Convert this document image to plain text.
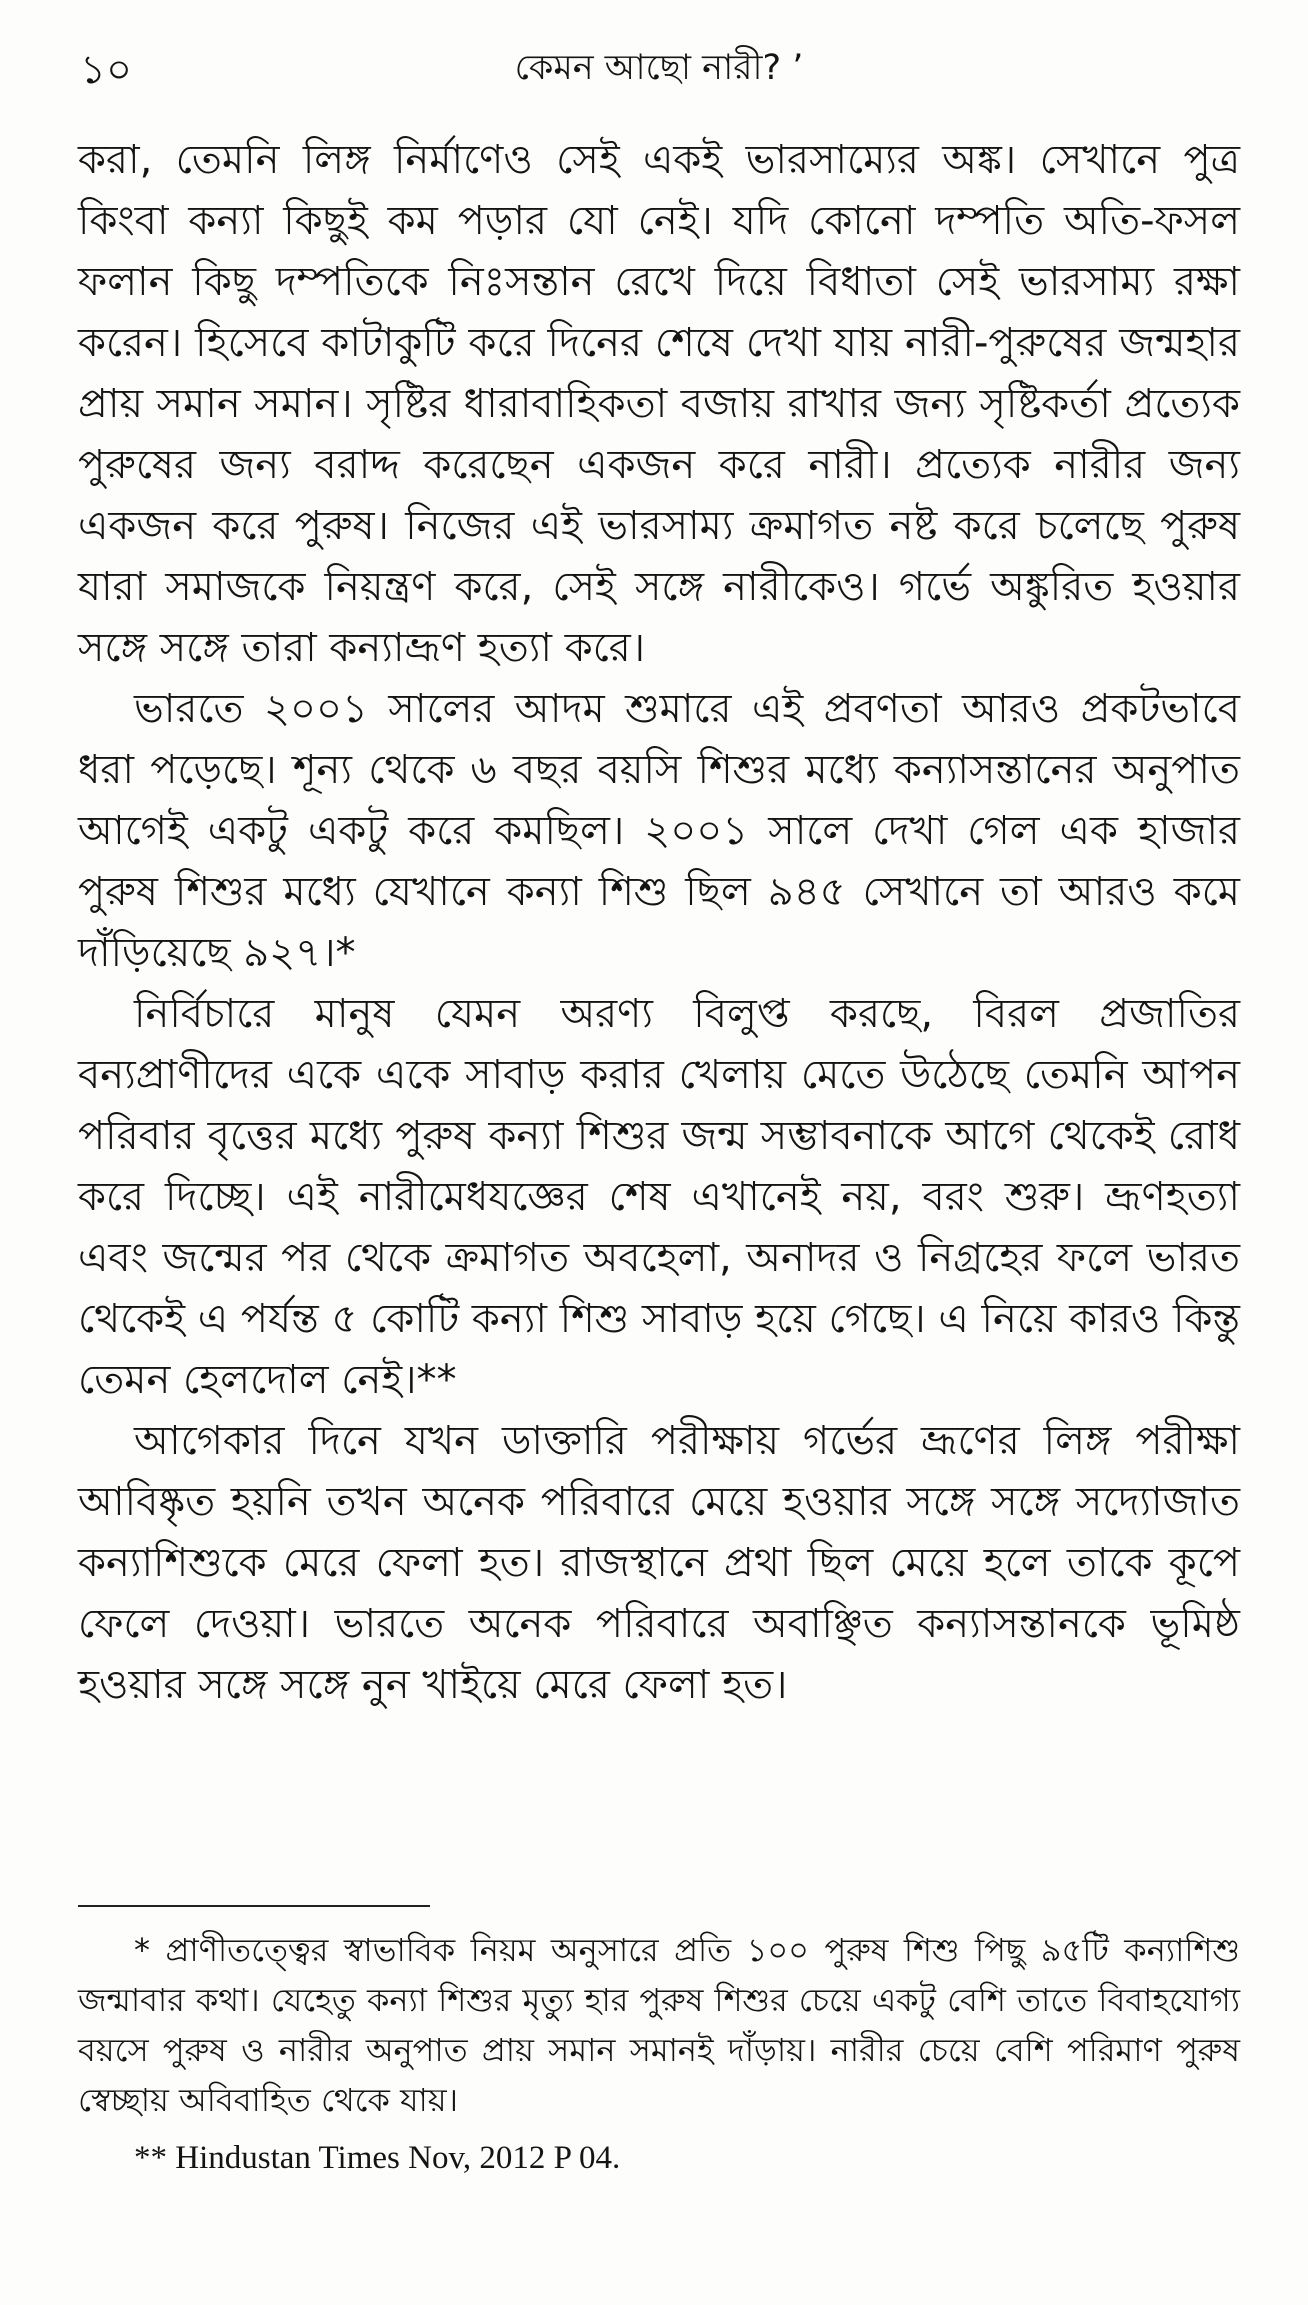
১০	কেমন আছো নারী? ’

করা, তেমনি লিঙ্গ নির্মাণেও সেই একই ভারসাম্যের অঙ্ক। সেখানে পুত্র কিংবা কন্যা কিছুই কম পড়ার যো নেই। যদি কোনো দম্পতি অতি-ফসল ফলান কিছু দম্পতিকে নিঃসন্তান রেখে দিয়ে বিধাতা সেই ভারসাম্য রক্ষা করেন। হিসেবে কাটাকুটি করে দিনের শেষে দেখা যায় নারী-পুরুষের জন্মহার প্রায় সমান সমান। সৃষ্টির ধারাবাহিকতা বজায় রাখার জন্য সৃষ্টিকর্তা প্রত্যেক পুরুষের জন্য বরাদ্দ করেছেন একজন করে নারী। প্রত্যেক নারীর জন্য একজন করে পুরুষ। নিজের এই ভারসাম্য ক্রমাগত নষ্ট করে চলেছে পুরুষ যারা সমাজকে নিয়ন্ত্রণ করে, সেই সঙ্গে নারীকেও। গর্ভে অঙ্কুরিত হওয়ার সঙ্গে সঙ্গে তারা কন্যাভ্রূণ হত্যা করে।

ভারতে ২০০১ সালের আদম শুমারে এই প্রবণতা আরও প্রকটভাবে ধরা পড়েছে। শূন্য থেকে ৬ বছর বয়সি শিশুর মধ্যে কন্যাসন্তানের অনুপাত আগেই একটু একটু করে কমছিল। ২০০১ সালে দেখা গেল এক হাজার পুরুষ শিশুর মধ্যে যেখানে কন্যা শিশু ছিল ৯৪৫ সেখানে তা আরও কমে দাঁড়িয়েছে ৯২৭।*

নির্বিচারে মানুষ যেমন অরণ্য বিলুপ্ত করছে, বিরল প্রজাতির বন্যপ্রাণীদের একে একে সাবাড় করার খেলায় মেতে উঠেছে তেমনি আপন পরিবার বৃত্তের মধ্যে পুরুষ কন্যা শিশুর জন্ম সম্ভাবনাকে আগে থেকেই রোধ করে দিচ্ছে। এই নারীমেধযজ্ঞের শেষ এখানেই নয়, বরং শুরু। ভ্রূণহত্যা এবং জন্মের পর থেকে ক্রমাগত অবহেলা, অনাদর ও নিগ্রহের ফলে ভারত থেকেই এ পর্যন্ত ৫ কোটি কন্যা শিশু সাবাড় হয়ে গেছে। এ নিয়ে কারও কিন্তু তেমন হেলদোল নেই।**

আগেকার দিনে যখন ডাক্তারি পরীক্ষায় গর্ভের ভ্রূণের লিঙ্গ পরীক্ষা আবিষ্কৃত হয়নি তখন অনেক পরিবারে মেয়ে হওয়ার সঙ্গে সঙ্গে সদ্যোজাত কন্যাশিশুকে মেরে ফেলা হত। রাজস্থানে প্রথা ছিল মেয়ে হলে তাকে কূপে ফেলে দেওয়া। ভারতে অনেক পরিবারে অবাঞ্ছিত কন্যাসন্তানকে ভূমিষ্ঠ হওয়ার সঙ্গে সঙ্গে নুন খাইয়ে মেরে ফেলা হত।

* প্রাণীতত্ত্বের স্বাভাবিক নিয়ম অনুসারে প্রতি ১০০ পুরুষ শিশু পিছু ৯৫টি কন্যাশিশু জন্মাবার কথা। যেহেতু কন্যা শিশুর মৃত্যু হার পুরুষ শিশুর চেয়ে একটু বেশি তাতে বিবাহযোগ্য বয়সে পুরুষ ও নারীর অনুপাত প্রায় সমান সমানই দাঁড়ায়। নারীর চেয়ে বেশি পরিমাণ পুরুষ স্বেচ্ছায় অবিবাহিত থেকে যায়।

** Hindustan Times Nov, 2012 P 04.
